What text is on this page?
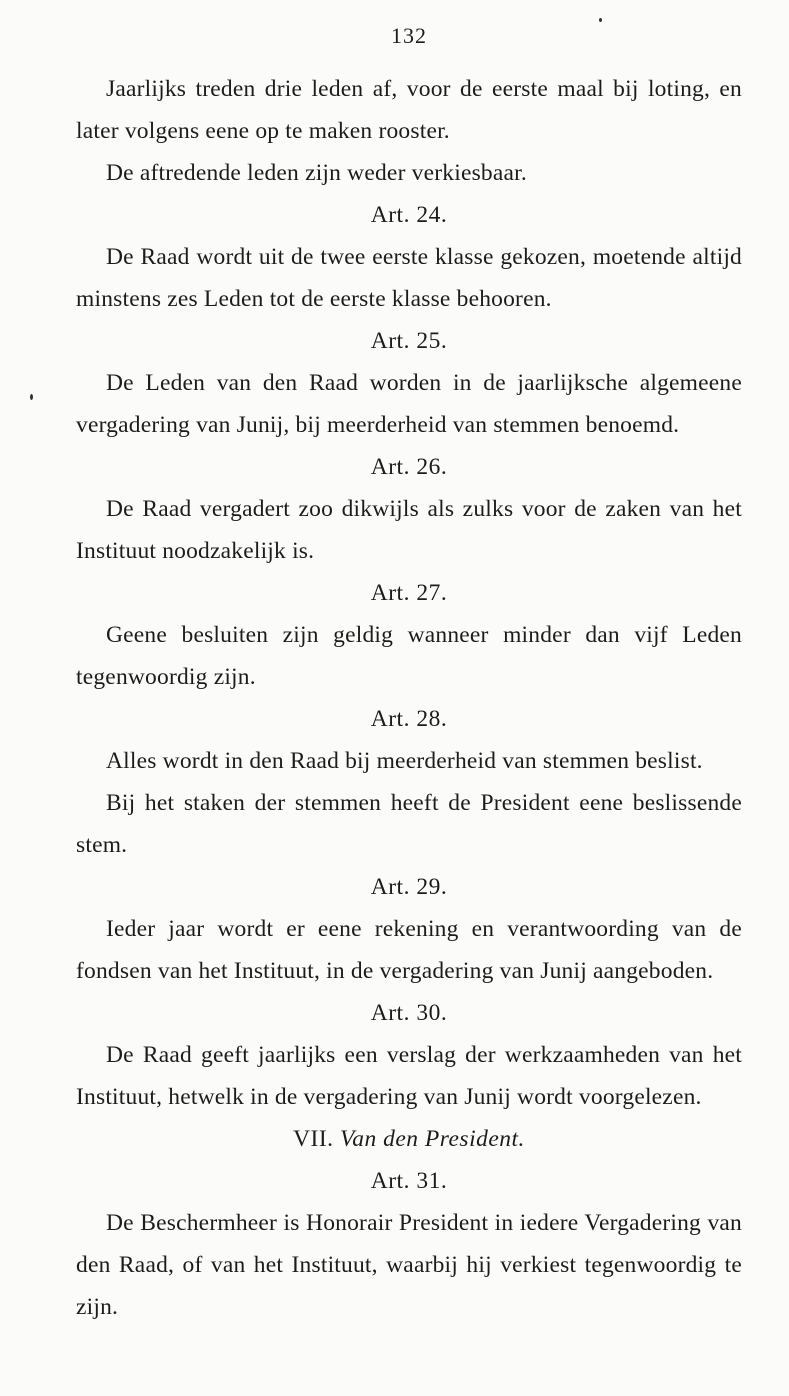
132

Jaarlijks treden drie leden af, voor de eerste maal bij loting, en later volgens eene op te maken rooster.

De aftredende leden zijn weder verkiesbaar.

Art. 24.

De Raad wordt uit de twee eerste klasse gekozen, moetende altijd minstens zes Leden tot de eerste klasse behooren.

Art. 25.

De Leden van den Raad worden in de jaarlijksche algemeene vergadering van Junij, bij meerderheid van stemmen benoemd.

Art. 26.

De Raad vergadert zoo dikwijls als zulks voor de zaken van het Instituut noodzakelijk is.

Art. 27.

Geene besluiten zijn geldig wanneer minder dan vijf Leden tegenwoordig zijn.

Art. 28.

Alles wordt in den Raad bij meerderheid van stemmen beslist.

Bij het staken der stemmen heeft de President eene beslissende stem.

Art. 29.

Ieder jaar wordt er eene rekening en verantwoording van de fondsen van het Instituut, in de vergadering van Junij aangeboden.

Art. 30.

De Raad geeft jaarlijks een verslag der werkzaamheden van het Instituut, hetwelk in de vergadering van Junij wordt voorgelezen.

VII. Van den President.
Art. 31.

De Beschermheer is Honorair President in iedere Vergadering van den Raad, of van het Instituut, waarbij hij verkiest tegenwoordig te zijn.
